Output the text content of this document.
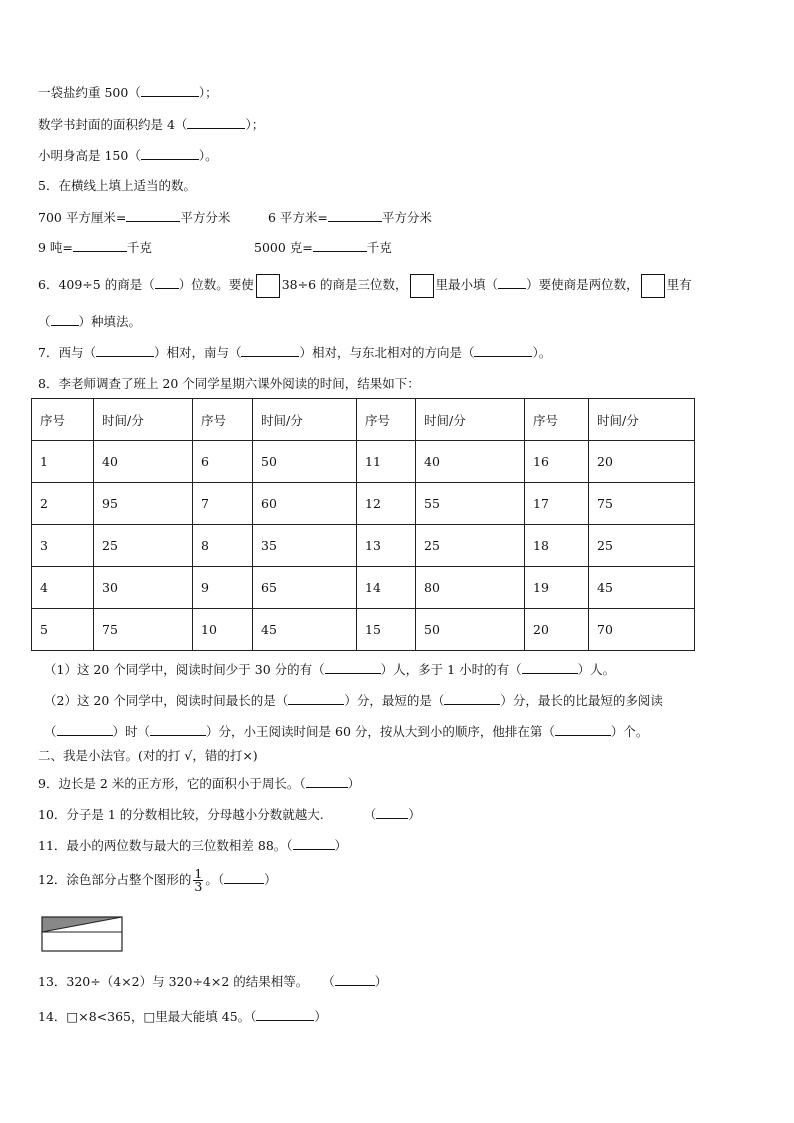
一袋盐约重 500（	）；
数学书封面的面积约是 4（	）；
小明身高是 150（	）。
5．在横线上填上适当的数。
700 平方厘米=	平方分米	6 平方米=	平方分米
9 吨=	千克	5000 克=	千克
6．409÷5 的商是（ ）位数。要使 38÷6 的商是三位数， 里最小填（ ）要使商是两位数， 里有
（ ）种填法。
7．西与（	）相对，南与（	）相对，与东北相对的方向是（	）。
8．李老师调查了班上 20 个同学星期六课外阅读的时间，结果如下：
序号	时间/分	序号	时间/分	序号	时间/分	序号	时间/分
1	40	6	50	11	40	16	20
2	95	7	60	12	55	17	75
3	25	8	35	13	25	18	25
4	30	9	65	14	80	19	45
5	75	10	45	15	50	20	70
（1）这 20 个同学中，阅读时间少于 30 分的有（	）人，多于 1 小时的有（	）人。
（2）这 20 个同学中，阅读时间最长的是（	）分，最短的是（	）分，最长的比最短的多阅读
（	）时（	）分，小王阅读时间是 60 分，按从大到小的顺序，他排在第（	）个。
二、我是小法官。(对的打 √，错的打×)
9．边长是 2 米的正方形，它的面积小于周长。（	）
10．分子是 1 的分数相比较，分母越小分数就越大.	（	）
11．最小的两位数与最大的三位数相差 88。（	）
12．涂色部分占整个图形的 $\frac{1}{3}$ 。（	）
13．320÷（4×2）与 320÷4×2 的结果相等。 （	）
14．□×8<365，□里最大能填 45。（	）
